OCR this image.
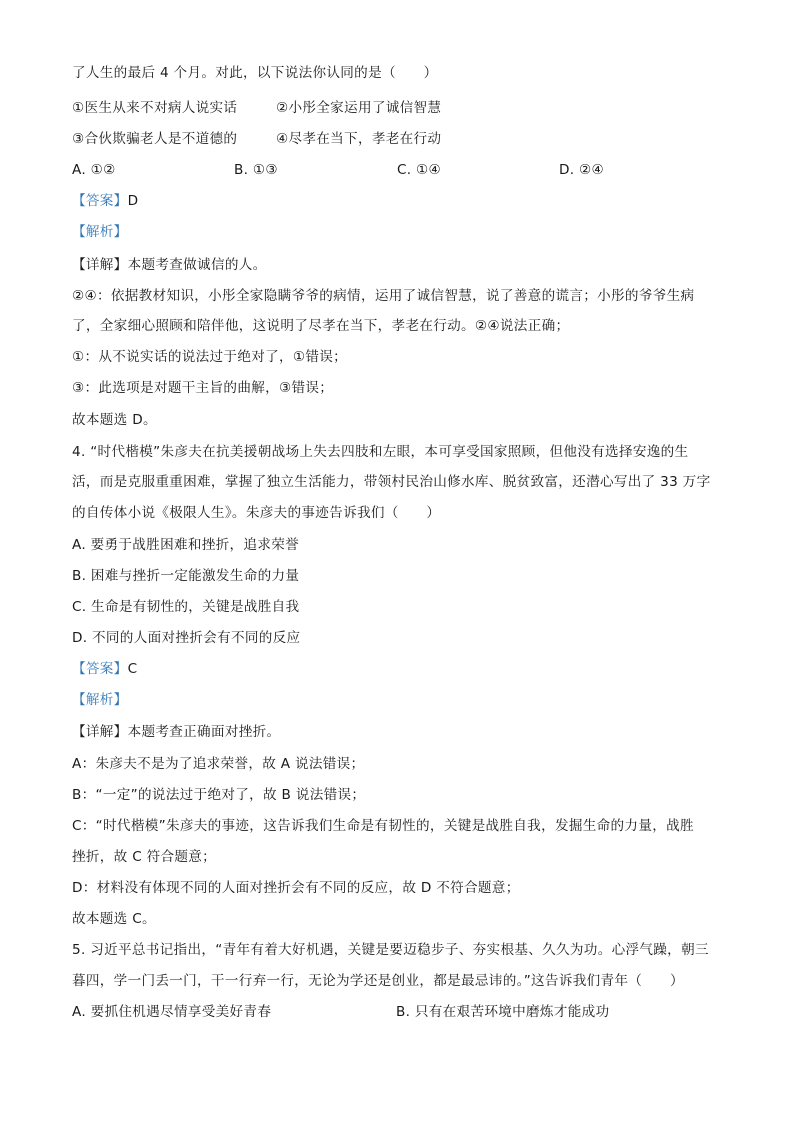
了人生的最后 4 个月。对此，以下说法你认同的是（　　）
①医生从来不对病人说实话	②小彤全家运用了诚信智慧
③合伙欺骗老人是不道德的	④尽孝在当下，孝老在行动
A. ①②	B. ①③	C. ①④	D. ②④
【答案】D
【解析】
【详解】本题考查做诚信的人。
②④：依据教材知识，小彤全家隐瞒爷爷的病情，运用了诚信智慧，说了善意的谎言；小彤的爷爷生病
了，全家细心照顾和陪伴他，这说明了尽孝在当下，孝老在行动。②④说法正确；
①：从不说实话的说法过于绝对了，①错误；
③：此选项是对题干主旨的曲解，③错误；
故本题选 D。
4. “时代楷模”朱彦夫在抗美援朝战场上失去四肢和左眼，本可享受国家照顾，但他没有选择安逸的生
活，而是克服重重困难，掌握了独立生活能力，带领村民治山修水库、脱贫致富，还潜心写出了 33 万字
的自传体小说《极限人生》。朱彦夫的事迹告诉我们（　　）
A. 要勇于战胜困难和挫折，追求荣誉
B. 困难与挫折一定能激发生命的力量
C. 生命是有韧性的，关键是战胜自我
D. 不同的人面对挫折会有不同的反应
【答案】C
【解析】
【详解】本题考查正确面对挫折。
A：朱彦夫不是为了追求荣誉，故 A 说法错误；
B：“一定”的说法过于绝对了，故 B 说法错误；
C：“时代楷模”朱彦夫的事迹，这告诉我们生命是有韧性的，关键是战胜自我，发掘生命的力量，战胜
挫折，故 C 符合题意；
D：材料没有体现不同的人面对挫折会有不同的反应，故 D 不符合题意；
故本题选 C。
5. 习近平总书记指出，“青年有着大好机遇，关键是要迈稳步子、夯实根基、久久为功。心浮气躁，朝三
暮四，学一门丢一门，干一行弃一行，无论为学还是创业，都是最忌讳的。”这告诉我们青年（　　）
A. 要抓住机遇尽情享受美好青春	B. 只有在艰苦环境中磨炼才能成功
